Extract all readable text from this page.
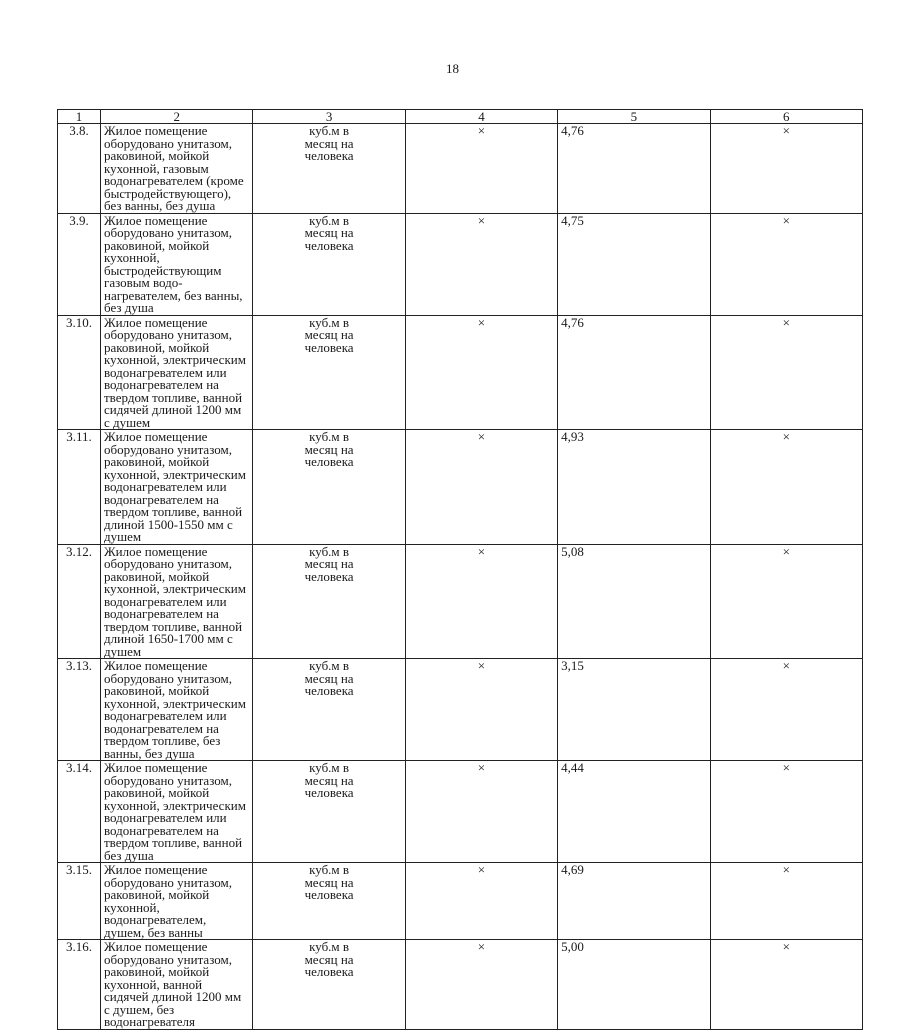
18
1	2	3	4	5	6
3.8.	Жилое помещение оборудовано унитазом, раковиной, мойкой кухонной, газовым водонагревателем (кроме быстродействующего), без ванны, без душа	куб.м в
месяц на
человека	×	4,76	×
3.9.	Жилое помещение оборудовано унитазом, раковиной, мойкой кухонной, быстродействующим газовым водо-нагревателем, без ванны, без душа	куб.м в
месяц на
человека	×	4,75	×
3.10.	Жилое помещение оборудовано унитазом, раковиной, мойкой кухонной, электрическим водонагревателем или водонагревателем на твердом топливе, ванной сидячей длиной 1200 мм с душем	куб.м в
месяц на
человека	×	4,76	×
3.11.	Жилое помещение оборудовано унитазом, раковиной, мойкой кухонной, электрическим водонагревателем или водонагревателем на твердом топливе, ванной длиной 1500-1550 мм с душем	куб.м в
месяц на
человека	×	4,93	×
3.12.	Жилое помещение оборудовано унитазом, раковиной, мойкой кухонной, электрическим водонагревателем или водонагревателем на твердом топливе, ванной длиной 1650-1700 мм с душем	куб.м в
месяц на
человека	×	5,08	×
3.13.	Жилое помещение оборудовано унитазом, раковиной, мойкой кухонной, электрическим водонагревателем или водонагревателем на твердом топливе, без ванны, без душа	куб.м в
месяц на
человека	×	3,15	×
3.14.	Жилое помещение оборудовано унитазом, раковиной, мойкой кухонной, электрическим водонагревателем или водонагревателем на твердом топливе, ванной без душа	куб.м в
месяц на
человека	×	4,44	×
3.15.	Жилое помещение оборудовано унитазом, раковиной, мойкой кухонной, водонагревателем, душем, без ванны	куб.м в
месяц на
человека	×	4,69	×
3.16.	Жилое помещение оборудовано унитазом, раковиной, мойкой кухонной, ванной сидячей длиной 1200 мм с душем, без водонагревателя	куб.м в
месяц на
человека	×	5,00	×
